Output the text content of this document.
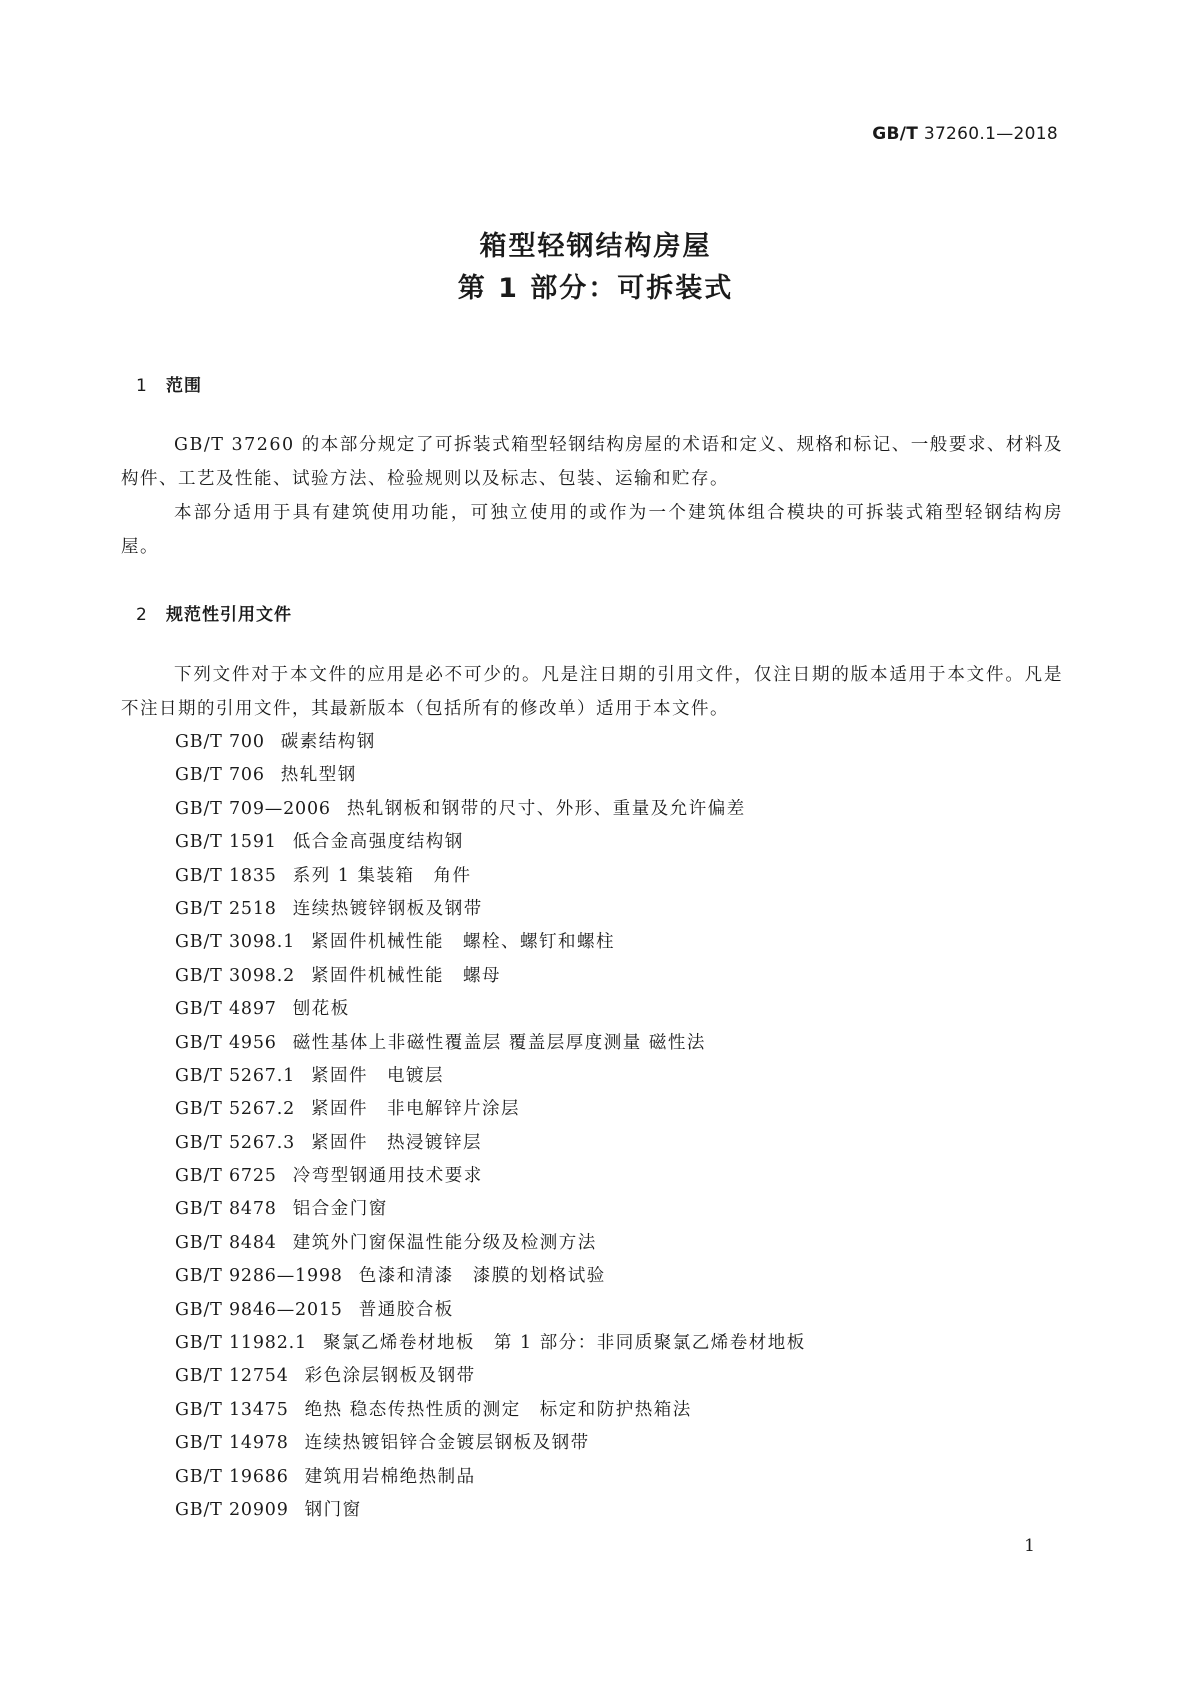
GB/T 37260.1—2018
箱型轻钢结构房屋
第 1 部分：可拆装式
1 范围
GB/T 37260 的本部分规定了可拆装式箱型轻钢结构房屋的术语和定义、规格和标记、一般要求、材料及构件、工艺及性能、试验方法、检验规则以及标志、包装、运输和贮存。
本部分适用于具有建筑使用功能，可独立使用的或作为一个建筑体组合模块的可拆装式箱型轻钢结构房屋。
2 规范性引用文件
下列文件对于本文件的应用是必不可少的。凡是注日期的引用文件，仅注日期的版本适用于本文件。凡是不注日期的引用文件，其最新版本（包括所有的修改单）适用于本文件。
GB/T 700 碳素结构钢
GB/T 706 热轧型钢
GB/T 709—2006 热轧钢板和钢带的尺寸、外形、重量及允许偏差
GB/T 1591 低合金高强度结构钢
GB/T 1835 系列 1 集装箱　角件
GB/T 2518 连续热镀锌钢板及钢带
GB/T 3098.1 紧固件机械性能　螺栓、螺钉和螺柱
GB/T 3098.2 紧固件机械性能　螺母
GB/T 4897 刨花板
GB/T 4956 磁性基体上非磁性覆盖层 覆盖层厚度测量 磁性法
GB/T 5267.1 紧固件　电镀层
GB/T 5267.2 紧固件　非电解锌片涂层
GB/T 5267.3 紧固件　热浸镀锌层
GB/T 6725 冷弯型钢通用技术要求
GB/T 8478 铝合金门窗
GB/T 8484 建筑外门窗保温性能分级及检测方法
GB/T 9286—1998 色漆和清漆　漆膜的划格试验
GB/T 9846—2015 普通胶合板
GB/T 11982.1 聚氯乙烯卷材地板　第 1 部分：非同质聚氯乙烯卷材地板
GB/T 12754 彩色涂层钢板及钢带
GB/T 13475 绝热 稳态传热性质的测定　标定和防护热箱法
GB/T 14978 连续热镀铝锌合金镀层钢板及钢带
GB/T 19686 建筑用岩棉绝热制品
GB/T 20909 钢门窗
1
